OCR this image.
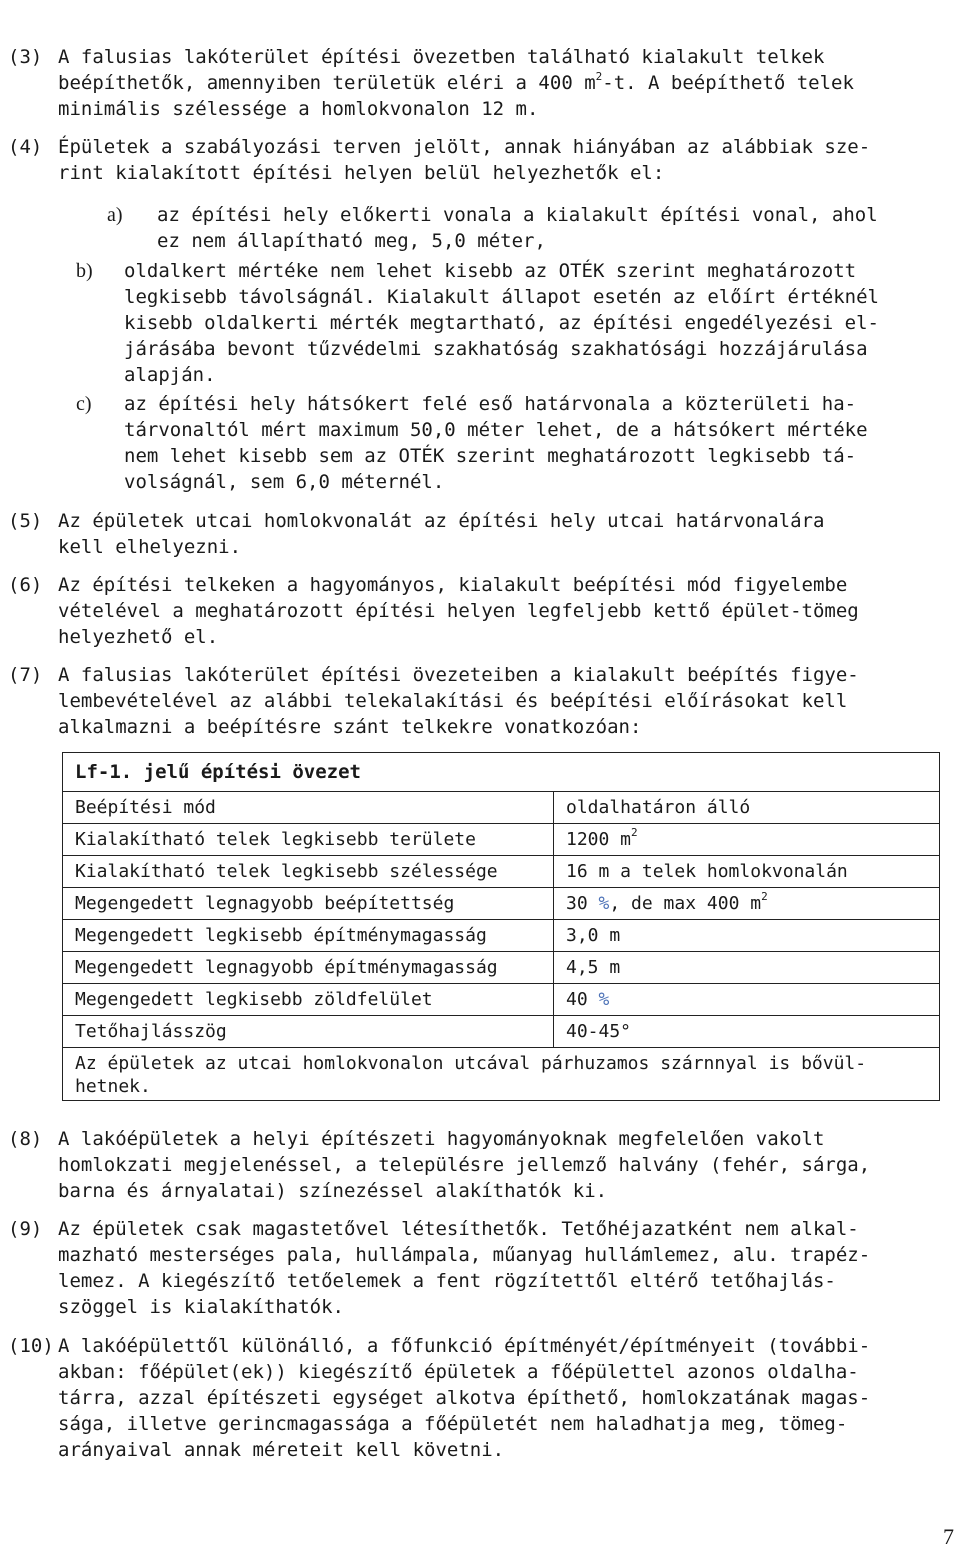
(3) A falusias lakóterület építési övezetben található kialakult telkek
beépíthetők, amennyiben területük eléri a 400 $m^2-t$. A beépíthető telek
minimális szélessége a homlokvonalon 12 m.
(4) Épületek a szabályozási terven jelölt, annak hiányában az alábbiak sze-
rint kialakított építési helyen belül helyezhetők el:
a) az építési hely előkerti vonala a kialakult építési vonal, ahol
ez nem állapítható meg, 5,0 méter,
b) oldalkert mértéke nem lehet kisebb az OTÉK szerint meghatározott
legkisebb távolságnál. Kialakult állapot esetén az előírt értéknél
kisebb oldalkerti mérték megtartható, az építési engedélyezési el-
járásába bevont tűzvédelmi szakhatóság szakhatósági hozzájárulása
alapján.
c) az építési hely hátsókert felé eső határvonala a közterületi ha-
tárvonaltól mért maximum 50,0 méter lehet, de a hátsókert mértéke
nem lehet kisebb sem az OTÉK szerint meghatározott legkisebb tá-
volságnál, sem 6,0 méternél.
(5) Az épületek utcai homlokvonalát az építési hely utcai határvonalára
kell elhelyezni.
(6) Az építési telkeken a hagyományos, kialakult beépítési mód figyelembe
vételével a meghatározott építési helyen legfeljebb kettő épület-tömeg
helyezhető el.
(7) A falusias lakóterület építési övezeteiben a kialakult beépítés figye-
lembevételével az alábbi telekalakítási és beépítési előírásokat kell
alkalmazni a beépítésre szánt telkekre vonatkozóan:
Lf-1. jelű építési övezet	
Beépítési mód	oldalhatáron álló
Kialakítható telek legkisebb területe	1200 $m^2$
Kialakítható telek legkisebb szélessége	16 m a telek homlokvonalán
Megengedett legnagyobb beépítettség	30 %, de max 400 $m^2$
Megengedett legkisebb építménymagasság	3,0 m
Megengedett legnagyobb építménymagasság	4,5 m
Megengedett legkisebb zöldfelület	40 %
Tetőhajlásszög	40-45°

Az épületek az utcai homlokvonalon utcával párhuzamos szárnnyal is bővül-
hetnek.	
(8) A lakóépületek a helyi építészeti hagyományoknak megfelelően vakolt
homlokzati megjelenéssel, a településre jellemző halvány (fehér, sárga,
barna és árnyalatai) színezéssel alakíthatók ki.
(9) Az épületek csak magastetővel létesíthetők. Tetőhéjazatként nem alkal-
mazható mesterséges pala, hullámpala, műanyag hullámlemez, alu. trapéz-
lemez. A kiegészítő tetőelemek a fent rögzítettől eltérő tetőhajlás-
szöggel is kialakíthatók.
(10) A lakóépülettől különálló, a főfunkció építményét/építményeit (további-
akban: főépület(ek)) kiegészítő épületek a főépülettel azonos oldalha-
tárra, azzal építészeti egységet alkotva építhető, homlokzatának magas-
sága, illetve gerincmagassága a főépületét nem haladhatja meg, tömeg-
arányaival annak méreteit kell követni.
7
